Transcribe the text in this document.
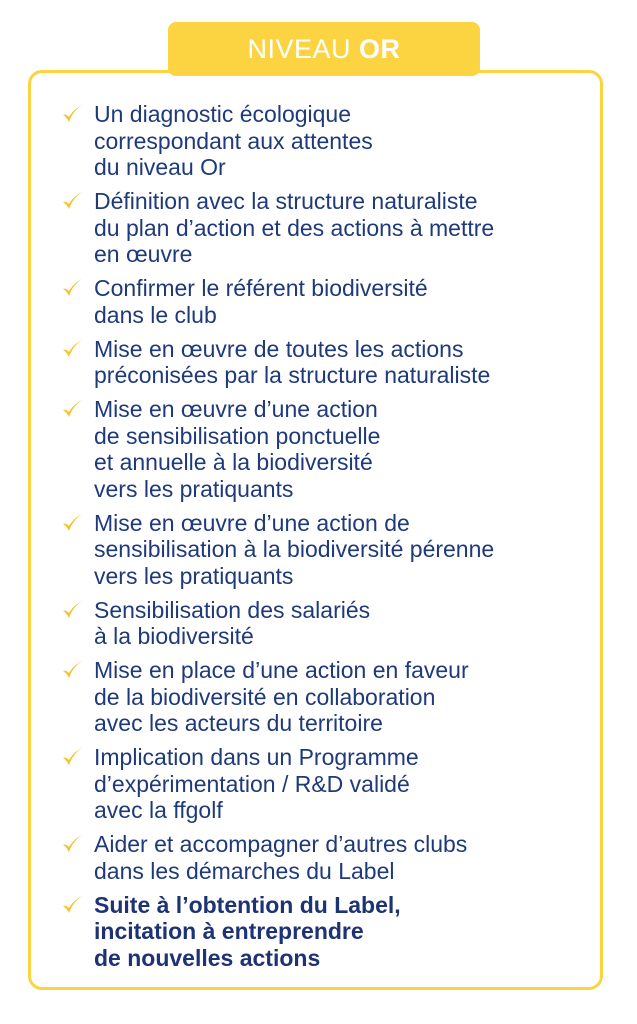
NIVEAU OR
Un diagnostic écologique
correspondant aux attentes
du niveau Or
Définition avec la structure naturaliste
du plan d’action et des actions à mettre
en œuvre
Confirmer le référent biodiversité
dans le club
Mise en œuvre de toutes les actions
préconisées par la structure naturaliste
Mise en œuvre d’une action
de sensibilisation ponctuelle
et annuelle à la biodiversité
vers les pratiquants
Mise en œuvre d’une action de
sensibilisation à la biodiversité pérenne
vers les pratiquants
Sensibilisation des salariés
à la biodiversité
Mise en place d’une action en faveur
de la biodiversité en collaboration
avec les acteurs du territoire
Implication dans un Programme
d’expérimentation / R&D validé
avec la ffgolf
Aider et accompagner d’autres clubs
dans les démarches du Label
Suite à l’obtention du Label,
incitation à entreprendre
de nouvelles actions
